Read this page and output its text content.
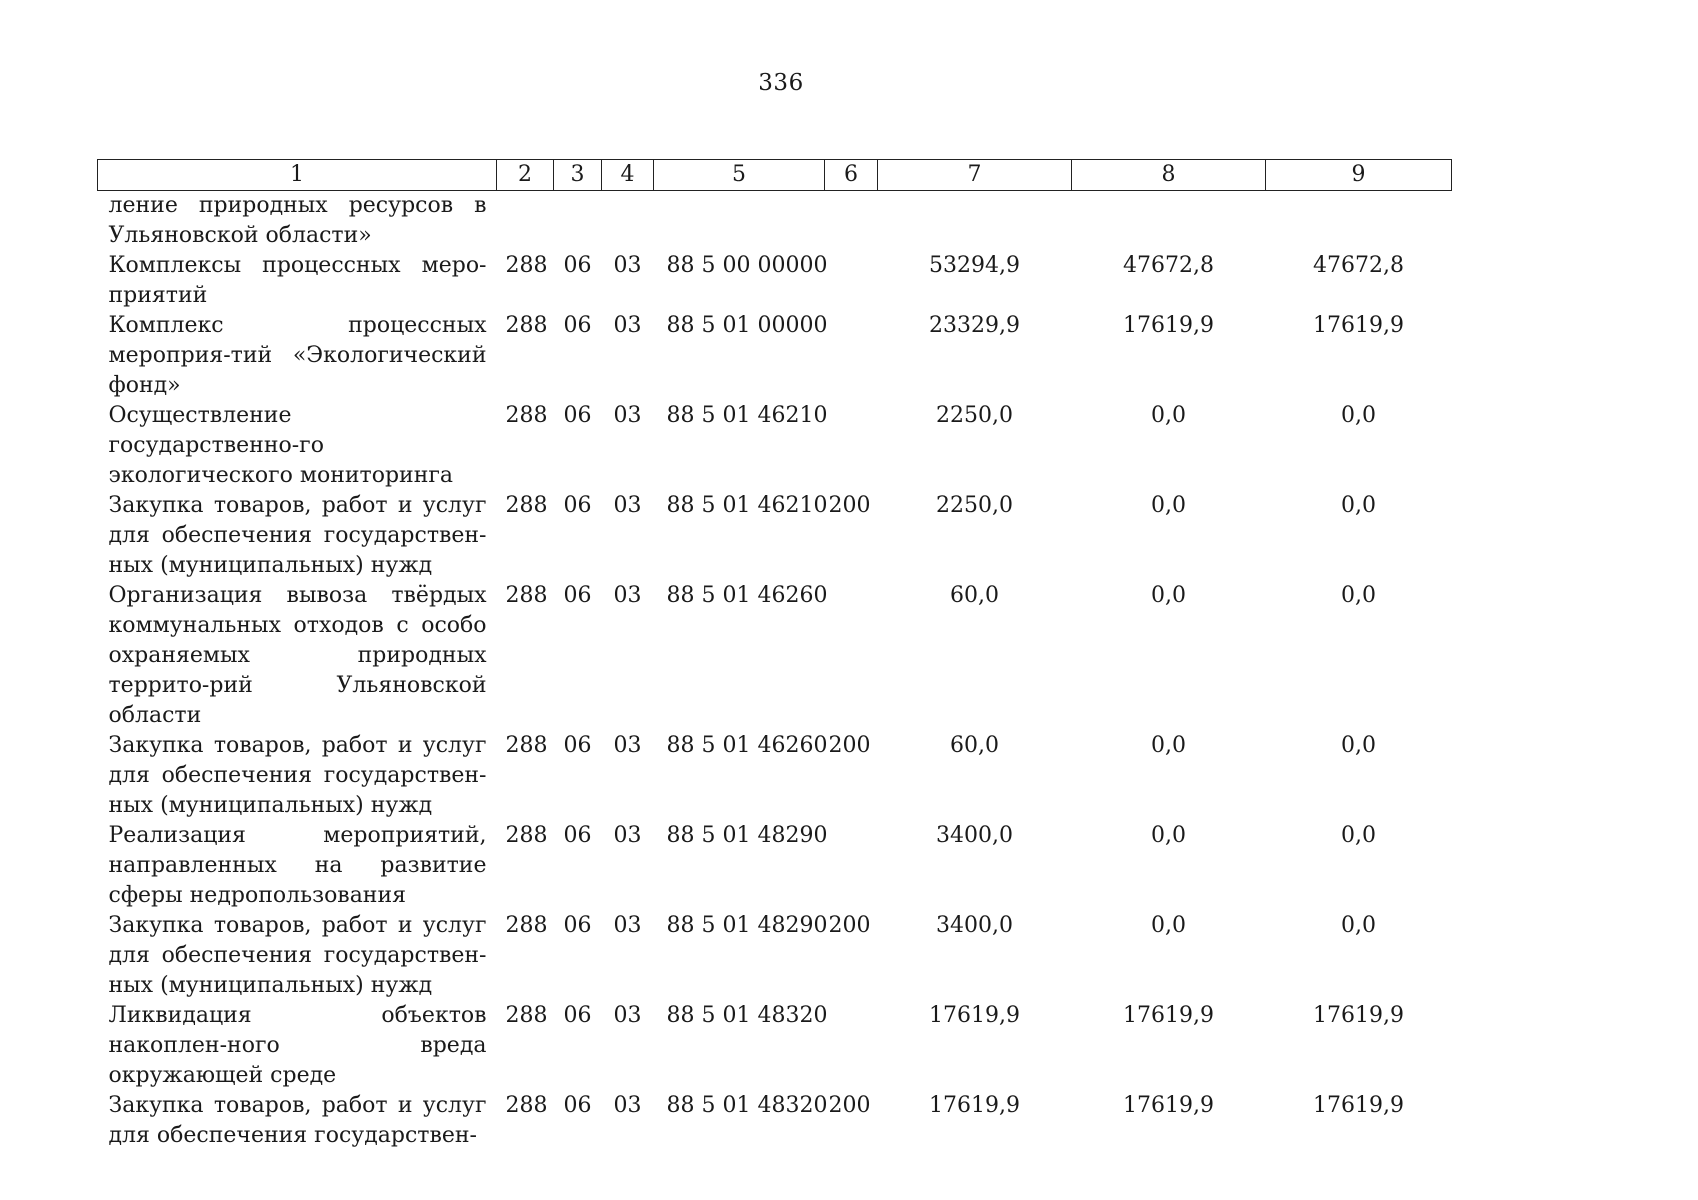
336
1	2	3	4	5	6	7	8	9
ление природных ресурсов в Ульяновской области»								
Комплексы процессных меро-приятий	288	06	03	88 5 00 00000		53294,9	47672,8	47672,8
Комплекс процессных мероприя-тий «Экологический фонд»	288	06	03	88 5 01 00000		23329,9	17619,9	17619,9
Осуществление государственно-го экологического мониторинга	288	06	03	88 5 01 46210		2250,0	0,0	0,0
Закупка товаров, работ и услуг для обеспечения государствен-ных (муниципальных) нужд	288	06	03	88 5 01 46210	200	2250,0	0,0	0,0
Организация вывоза твёрдых коммунальных отходов с особо охраняемых природных террито-рий Ульяновской области	288	06	03	88 5 01 46260		60,0	0,0	0,0
Закупка товаров, работ и услуг для обеспечения государствен-ных (муниципальных) нужд	288	06	03	88 5 01 46260	200	60,0	0,0	0,0
Реализация мероприятий, направленных на развитие сферы недропользования	288	06	03	88 5 01 48290		3400,0	0,0	0,0
Закупка товаров, работ и услуг для обеспечения государствен-ных (муниципальных) нужд	288	06	03	88 5 01 48290	200	3400,0	0,0	0,0
Ликвидация объектов накоплен-ного вреда окружающей среде	288	06	03	88 5 01 48320		17619,9	17619,9	17619,9
Закупка товаров, работ и услуг для обеспечения государствен-	288	06	03	88 5 01 48320	200	17619,9	17619,9	17619,9
